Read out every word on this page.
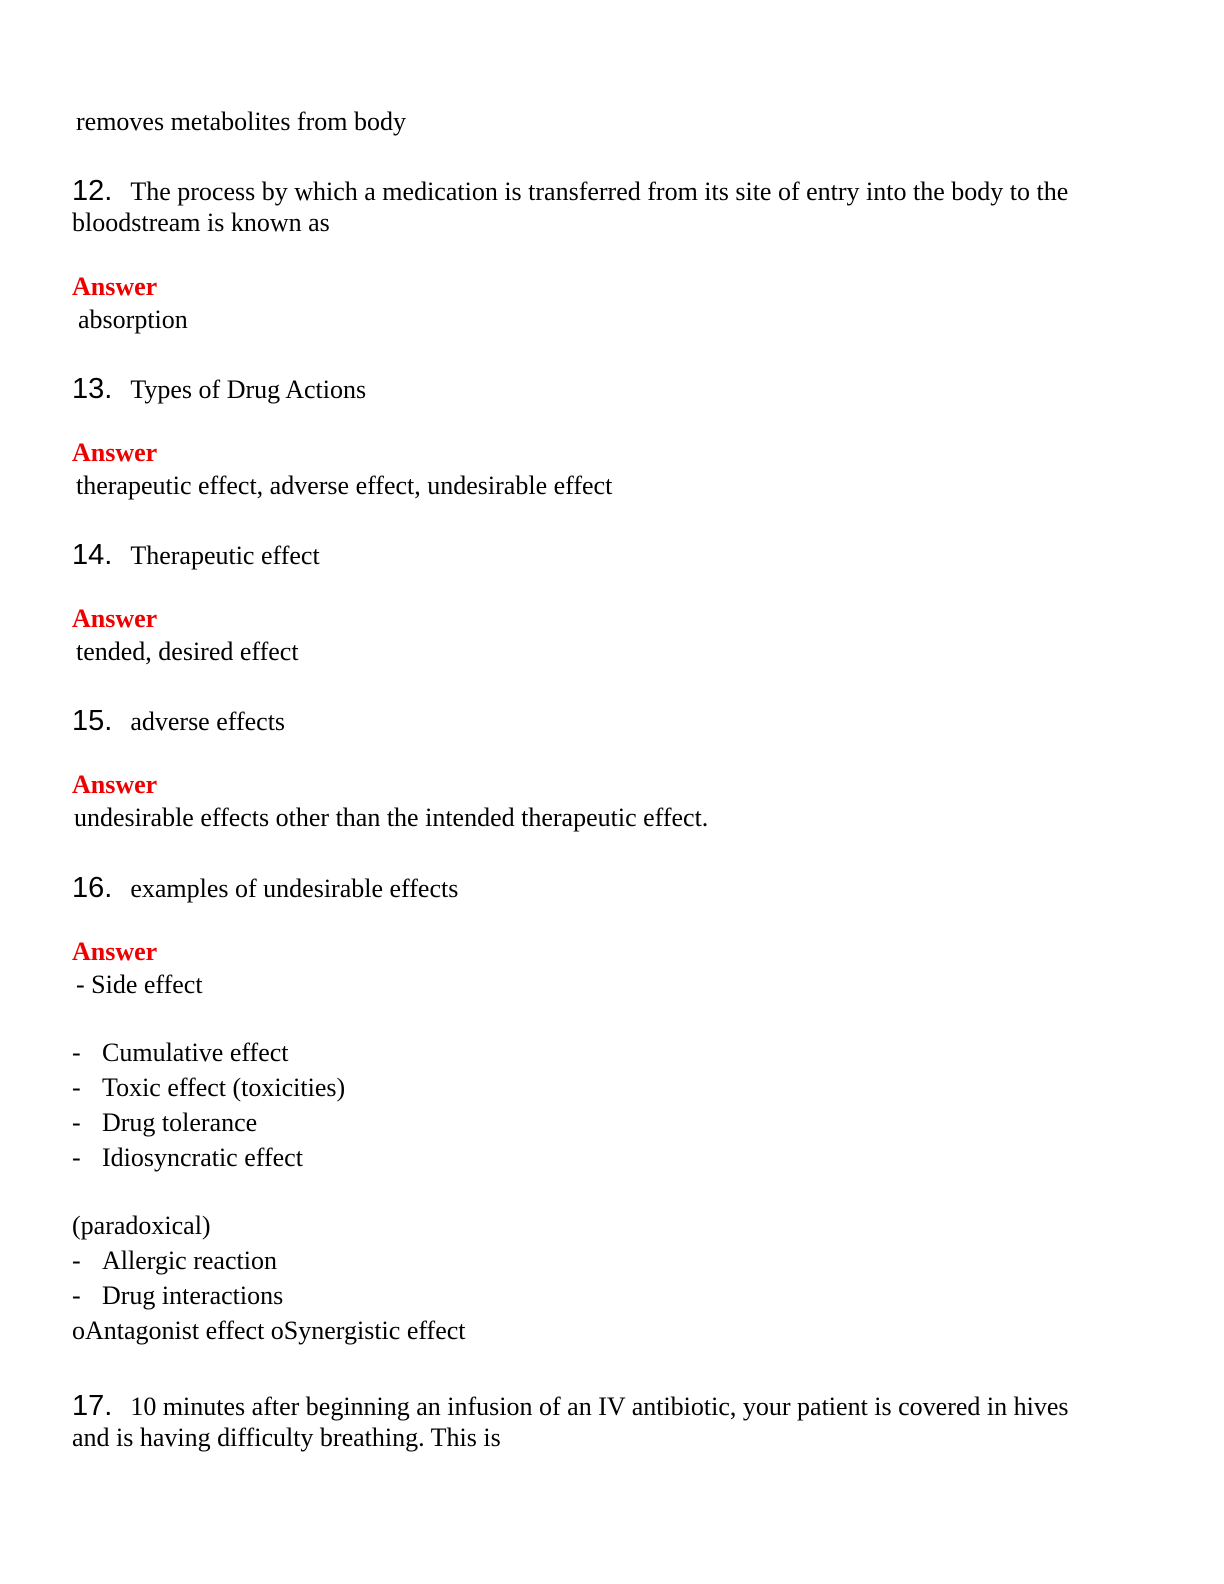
removes metabolites from body

12. The process by which a medication is transferred from its site of entry into the body to the

bloodstream is known as

Answer

absorption

13. Types of Drug Actions

Answer

therapeutic effect, adverse effect, undesirable effect

14. Therapeutic effect

Answer

tended, desired effect

15. adverse effects

Answer

undesirable effects other than the intended therapeutic effect.

16. examples of undesirable effects

Answer

- Side effect

- Cumulative effect

- Toxic effect (toxicities)

- Drug tolerance

- Idiosyncratic effect

(paradoxical)

- Allergic reaction

- Drug interactions

oAntagonist effect oSynergistic effect

17. 10 minutes after beginning an infusion of an IV antibiotic, your patient is covered in hives

and is having difficulty breathing. This is
